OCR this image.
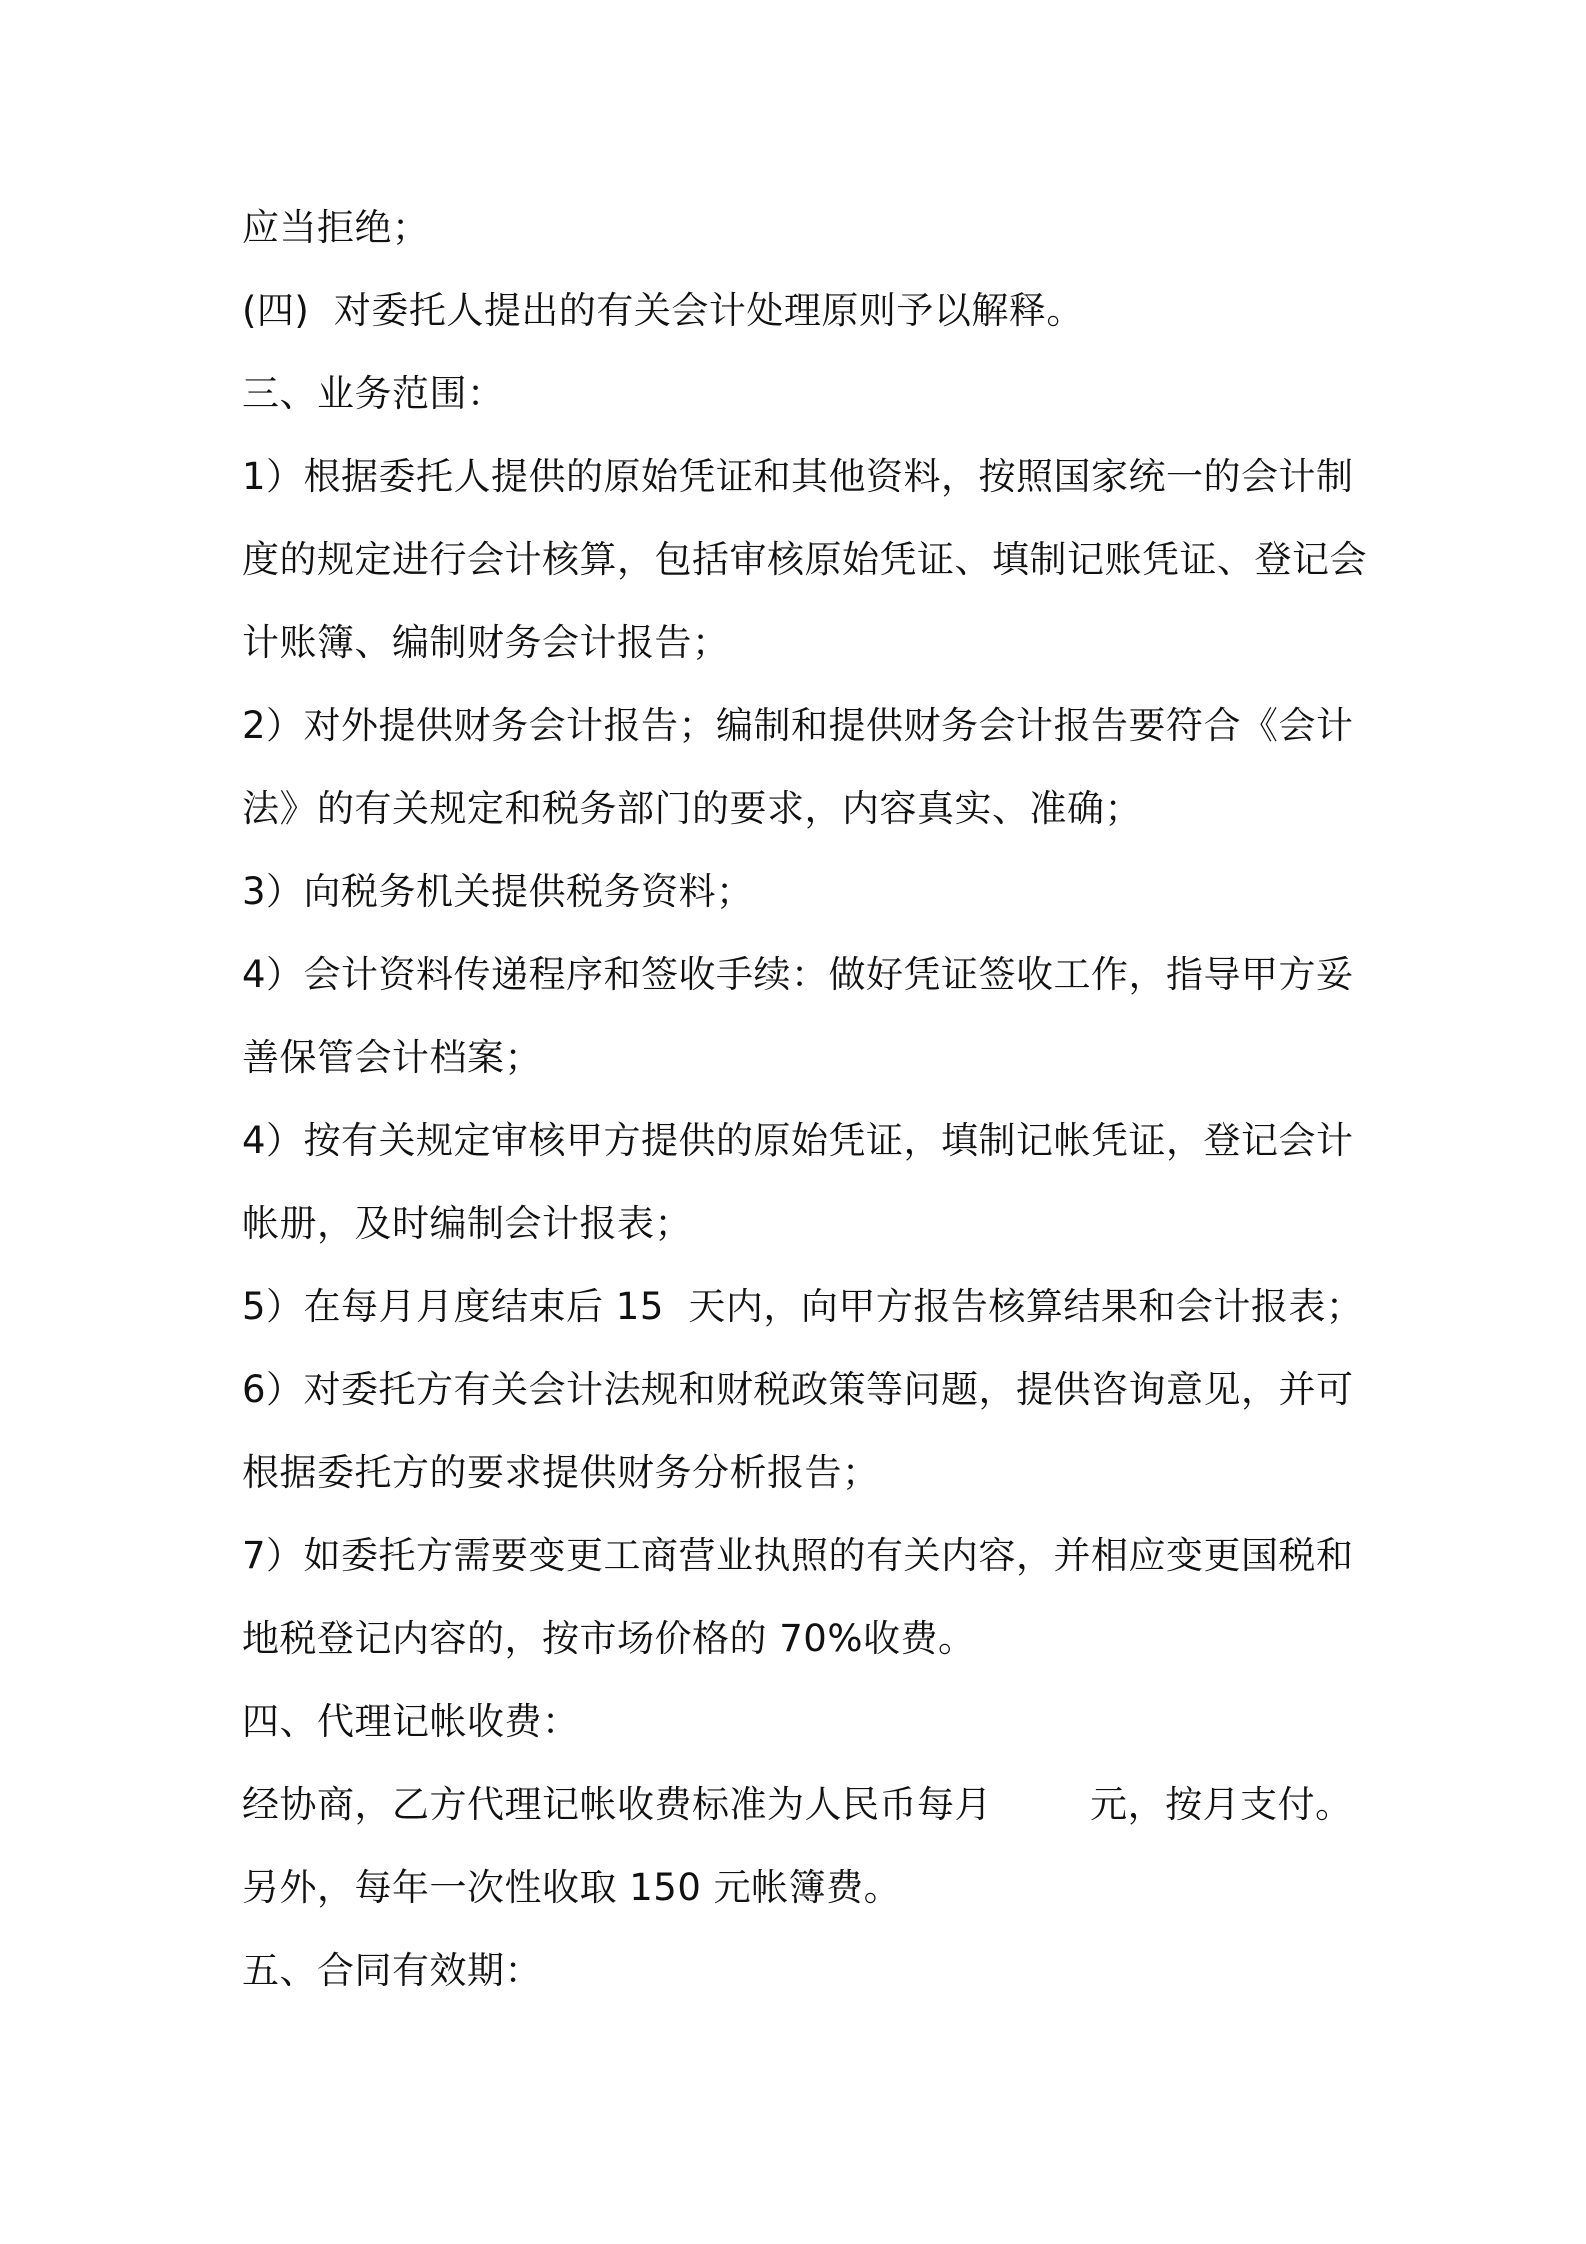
应当拒绝；
(四)  对委托人提出的有关会计处理原则予以解释。
三、业务范围：
1）根据委托人提供的原始凭证和其他资料，按照国家统一的会计制
度的规定进行会计核算，包括审核原始凭证、填制记账凭证、登记会
计账簿、编制财务会计报告；
2）对外提供财务会计报告；编制和提供财务会计报告要符合《会计
法》的有关规定和税务部门的要求，内容真实、准确；
3）向税务机关提供税务资料；
4）会计资料传递程序和签收手续：做好凭证签收工作，指导甲方妥
善保管会计档案；
4）按有关规定审核甲方提供的原始凭证，填制记帐凭证，登记会计
帐册，及时编制会计报表；
5）在每月月度结束后 15  天内，向甲方报告核算结果和会计报表；
6）对委托方有关会计法规和财税政策等问题，提供咨询意见，并可
根据委托方的要求提供财务分析报告；
7）如委托方需要变更工商营业执照的有关内容，并相应变更国税和
地税登记内容的，按市场价格的 70%收费。
四、代理记帐收费：
经协商，乙方代理记帐收费标准为人民币每月        元，按月支付。
另外，每年一次性收取 150 元帐簿费。
五、合同有效期：
